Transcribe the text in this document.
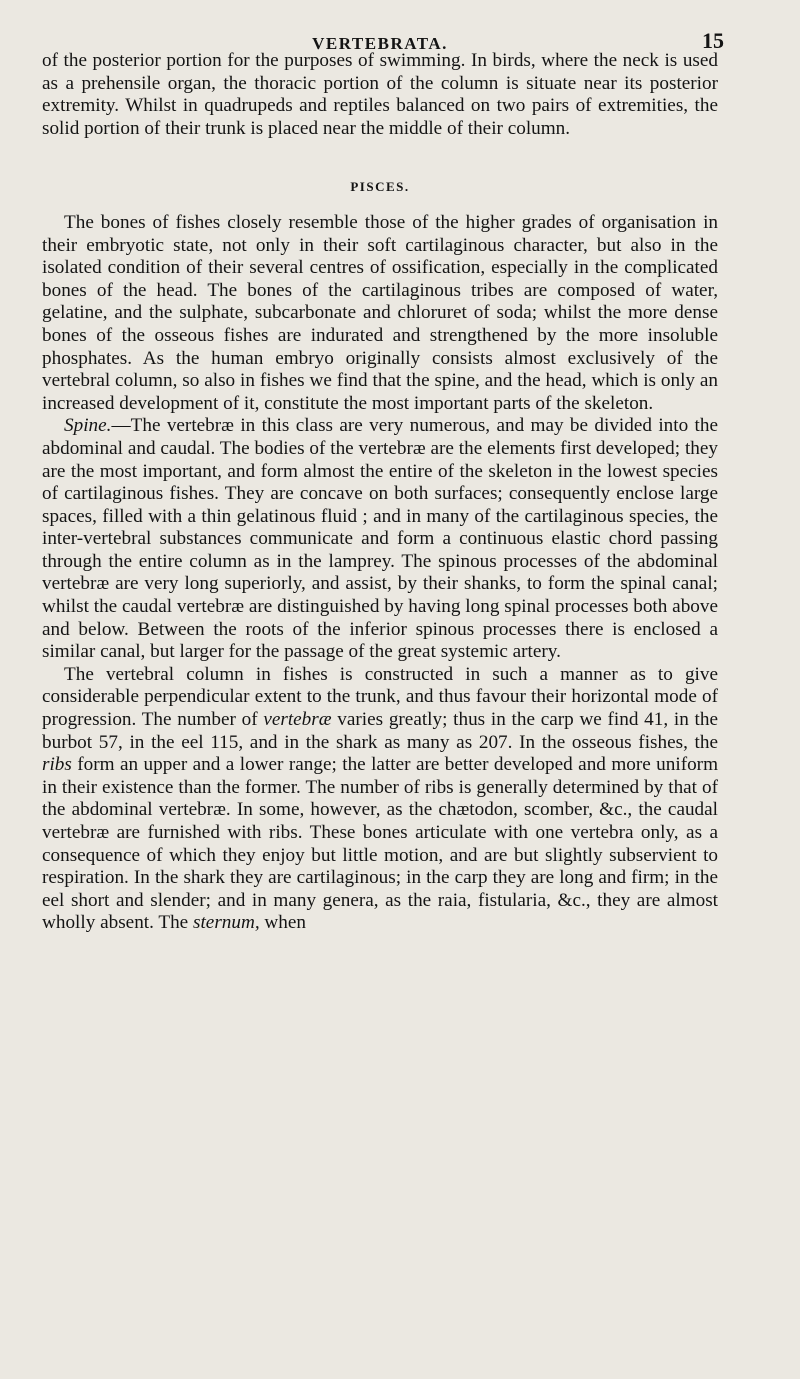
VERTEBRATA.	15

of the posterior portion for the purposes of swimming. In birds, where the neck is used as a prehensile organ, the thoracic portion of the column is situate near its posterior extremity. Whilst in quadrupeds and reptiles balanced on two pairs of extremities, the solid portion of their trunk is placed near the middle of their column.

PISCES.

The bones of fishes closely resemble those of the higher grades of organisation in their embryotic state, not only in their soft cartilaginous character, but also in the isolated condition of their several centres of ossification, especially in the complicated bones of the head. The bones of the cartilaginous tribes are composed of water, gelatine, and the sulphate, subcarbonate and chloruret of soda; whilst the more dense bones of the osseous fishes are indurated and strengthened by the more insoluble phosphates. As the human embryo originally consists almost exclusively of the vertebral column, so also in fishes we find that the spine, and the head, which is only an increased development of it, constitute the most important parts of the skeleton.

Spine.—The vertebræ in this class are very numerous, and may be divided into the abdominal and caudal. The bodies of the vertebræ are the elements first developed; they are the most important, and form almost the entire of the skeleton in the lowest species of cartilaginous fishes. They are concave on both surfaces; consequently enclose large spaces, filled with a thin gelatinous fluid ; and in many of the cartilaginous species, the inter-vertebral substances communicate and form a continuous elastic chord passing through the entire column as in the lamprey. The spinous processes of the abdominal vertebræ are very long superiorly, and assist, by their shanks, to form the spinal canal; whilst the caudal vertebræ are distinguished by having long spinal processes both above and below. Between the roots of the inferior spinous processes there is enclosed a similar canal, but larger for the passage of the great systemic artery.

The vertebral column in fishes is constructed in such a manner as to give considerable perpendicular extent to the trunk, and thus favour their horizontal mode of progression. The number of vertebræ varies greatly; thus in the carp we find 41, in the burbot 57, in the eel 115, and in the shark as many as 207. In the osseous fishes, the ribs form an upper and a lower range; the latter are better developed and more uniform in their existence than the former. The number of ribs is generally determined by that of the abdominal vertebræ. In some, however, as the chætodon, scomber, &c., the caudal vertebræ are furnished with ribs. These bones articulate with one vertebra only, as a consequence of which they enjoy but little motion, and are but slightly subservient to respiration. In the shark they are cartilaginous; in the carp they are long and firm; in the eel short and slender; and in many genera, as the raia, fistularia, &c., they are almost wholly absent. The sternum, when
